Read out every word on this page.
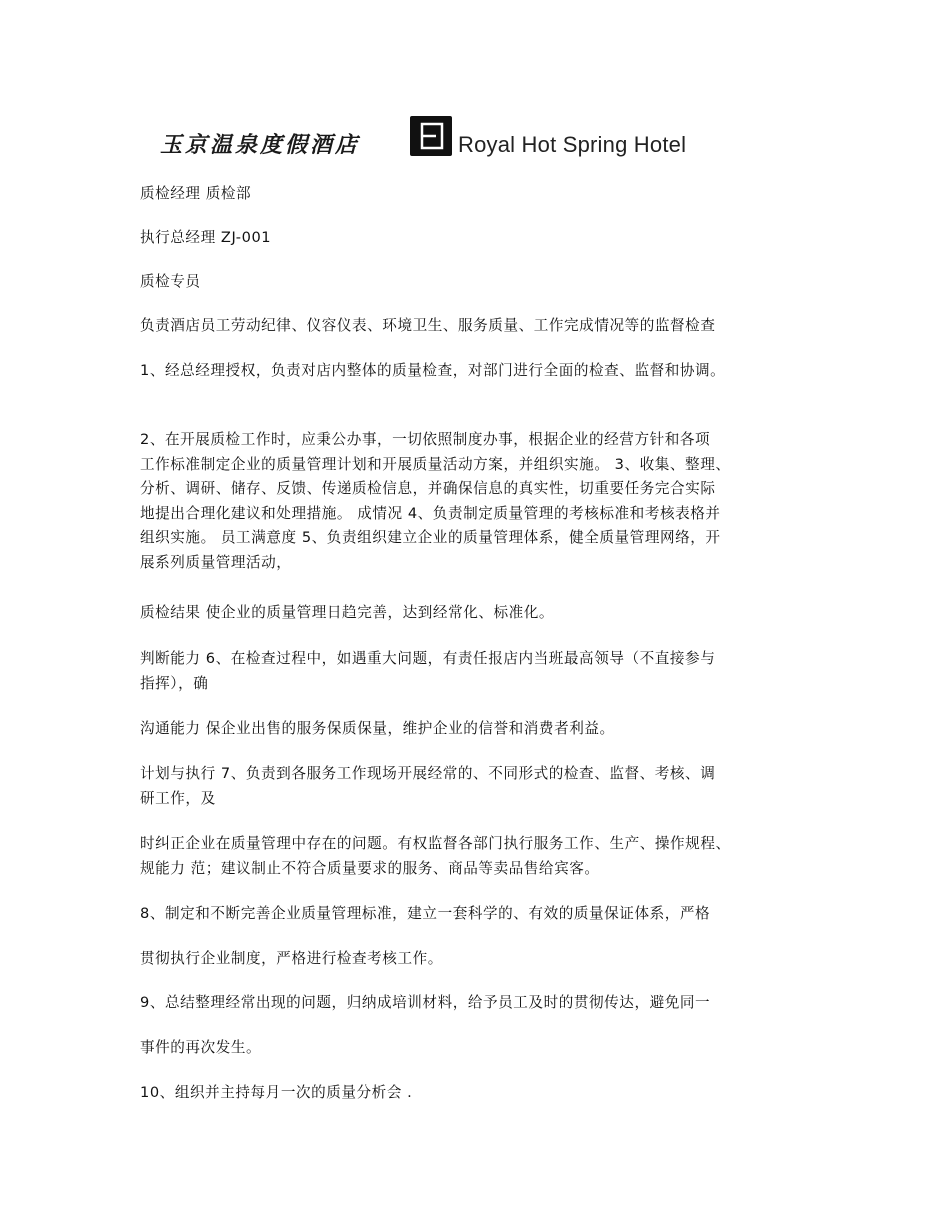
玉京温泉度假酒店	E Royal Hot Spring Hotel

质检经理 质检部

执行总经理 ZJ-001

质检专员

负责酒店员工劳动纪律、仪容仪表、环境卫生、服务质量、工作完成情况等的监督检查

1、经总经理授权，负责对店内整体的质量检查，对部门进行全面的检查、监督和协调。

2、在开展质检工作时，应秉公办事，一切依照制度办事，根据企业的经营方针和各项
工作标准制定企业的质量管理计划和开展质量活动方案，并组织实施。 3、收集、整理、
分析、调研、储存、反馈、传递质检信息，并确保信息的真实性，切重要任务完合实际
地提出合理化建议和处理措施。 成情况 4、负责制定质量管理的考核标准和考核表格并
组织实施。 员工满意度 5、负责组织建立企业的质量管理体系，健全质量管理网络，开
展系列质量管理活动，

质检结果 使企业的质量管理日趋完善，达到经常化、标准化。

判断能力 6、在检查过程中，如遇重大问题，有责任报店内当班最高领导（不直接参与
指挥），确

沟通能力 保企业出售的服务保质保量，维护企业的信誉和消费者利益。

计划与执行 7、负责到各服务工作现场开展经常的、不同形式的检查、监督、考核、调
研工作，及
时纠正企业在质量管理中存在的问题。有权监督各部门执行服务工作、生产、操作规程、
规能力 范；建议制止不符合质量要求的服务、商品等卖品售给宾客。

8、制定和不断完善企业质量管理标准，建立一套科学的、有效的质量保证体系，严格

贯彻执行企业制度，严格进行检查考核工作。

9、总结整理经常出现的问题，归纳成培训材料，给予员工及时的贯彻传达，避免同一

事件的再次发生。

10、组织并主持每月一次的质量分析会 .
